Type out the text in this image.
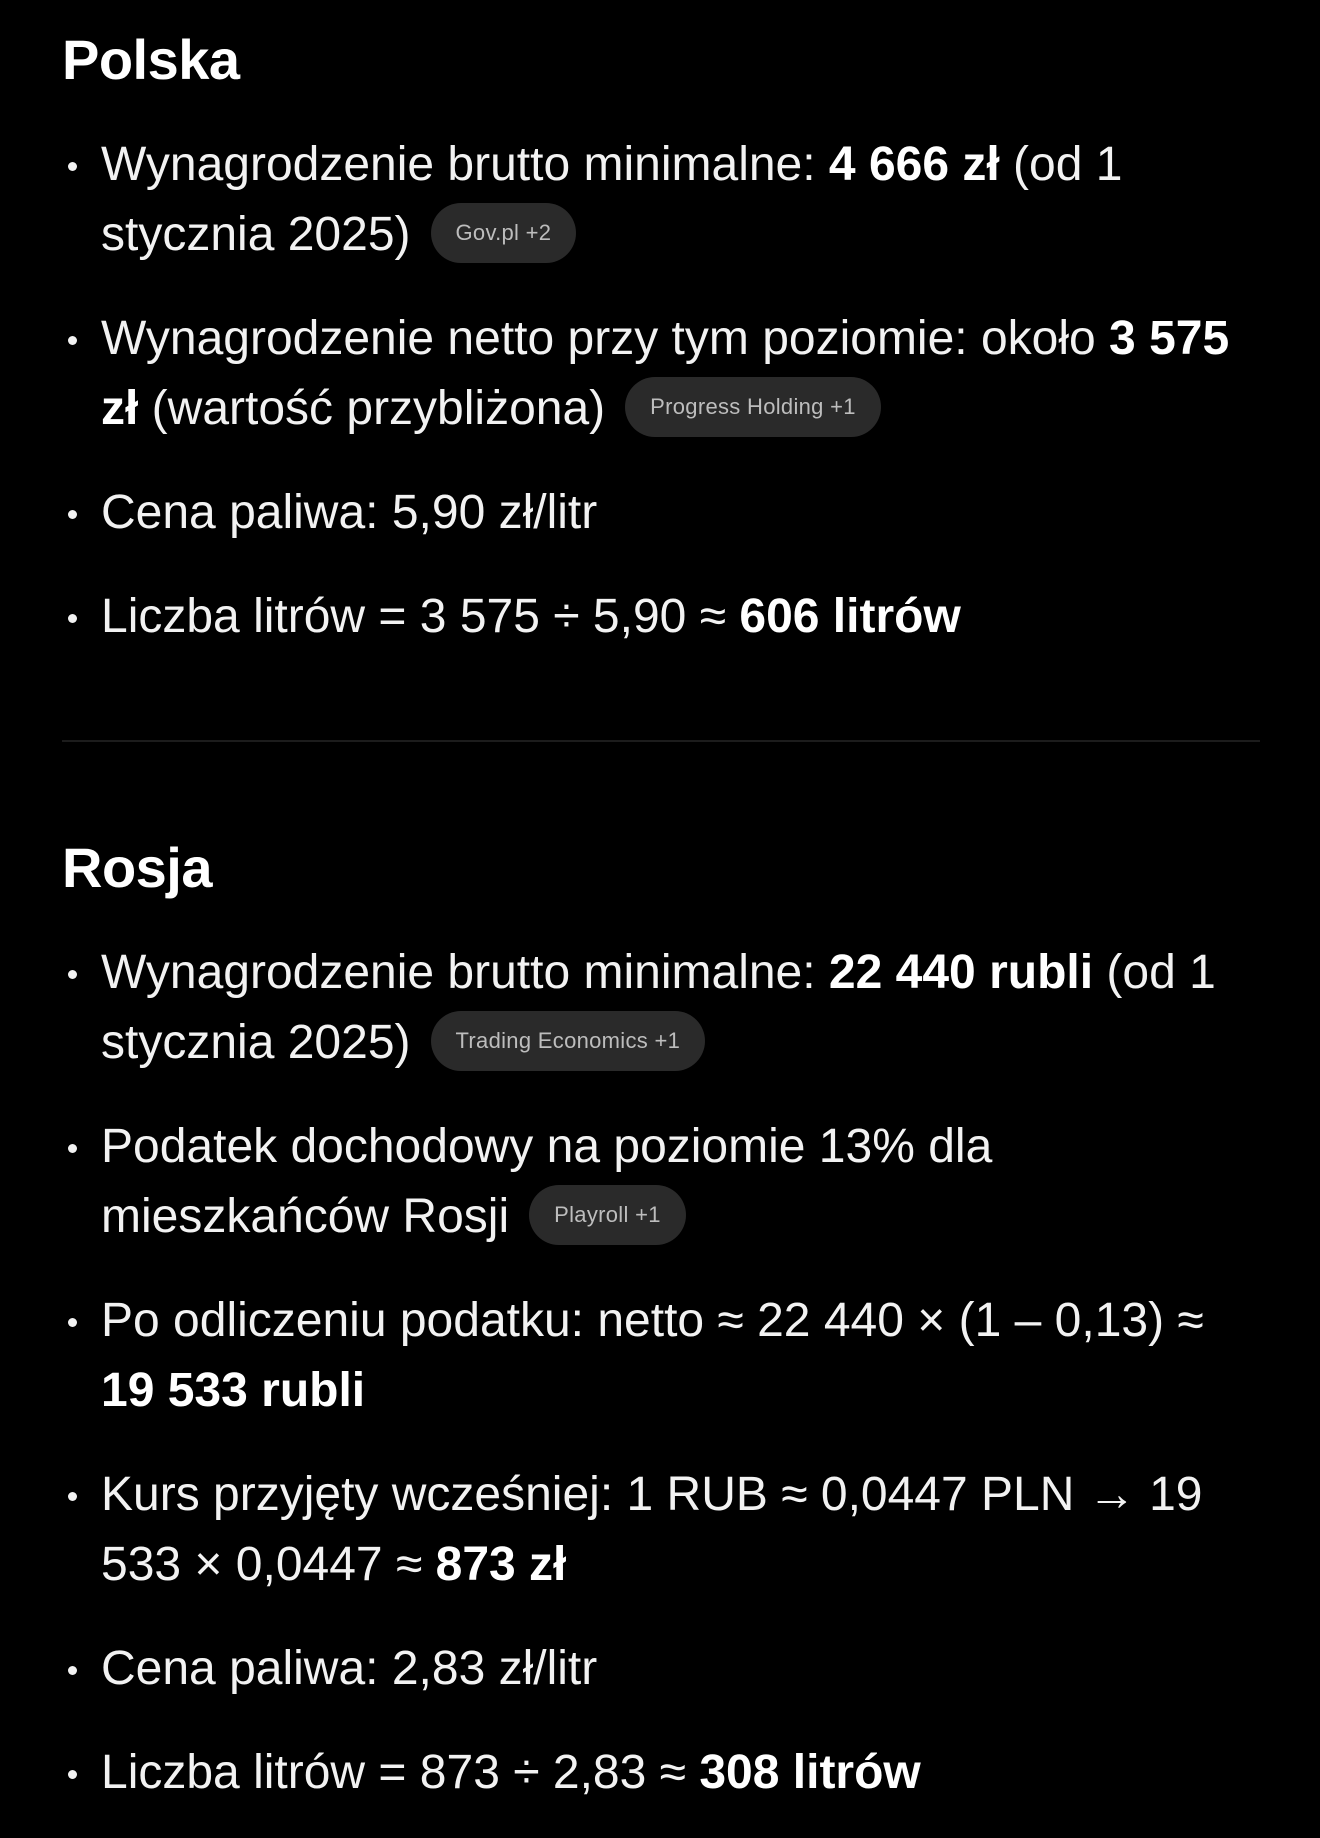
Polska
Wynagrodzenie brutto minimalne: 4 666 zł (od 1 stycznia 2025) Gov.pl +2
Wynagrodzenie netto przy tym poziomie: około 3 575 zł (wartość przybliżona) Progress Holding +1
Cena paliwa: 5,90 zł/litr
Liczba litrów = 3 575 ÷ 5,90 ≈ 606 litrów
Rosja
Wynagrodzenie brutto minimalne: 22 440 rubli (od 1 stycznia 2025) Trading Economics +1
Podatek dochodowy na poziomie 13% dla mieszkańców Rosji Playroll +1
Po odliczeniu podatku: netto ≈ 22 440 × (1 – 0,13) ≈ 19 533 rubli
Kurs przyjęty wcześniej: 1 RUB ≈ 0,0447 PLN → 19 533 × 0,0447 ≈ 873 zł
Cena paliwa: 2,83 zł/litr
Liczba litrów = 873 ÷ 2,83 ≈ 308 litrów
